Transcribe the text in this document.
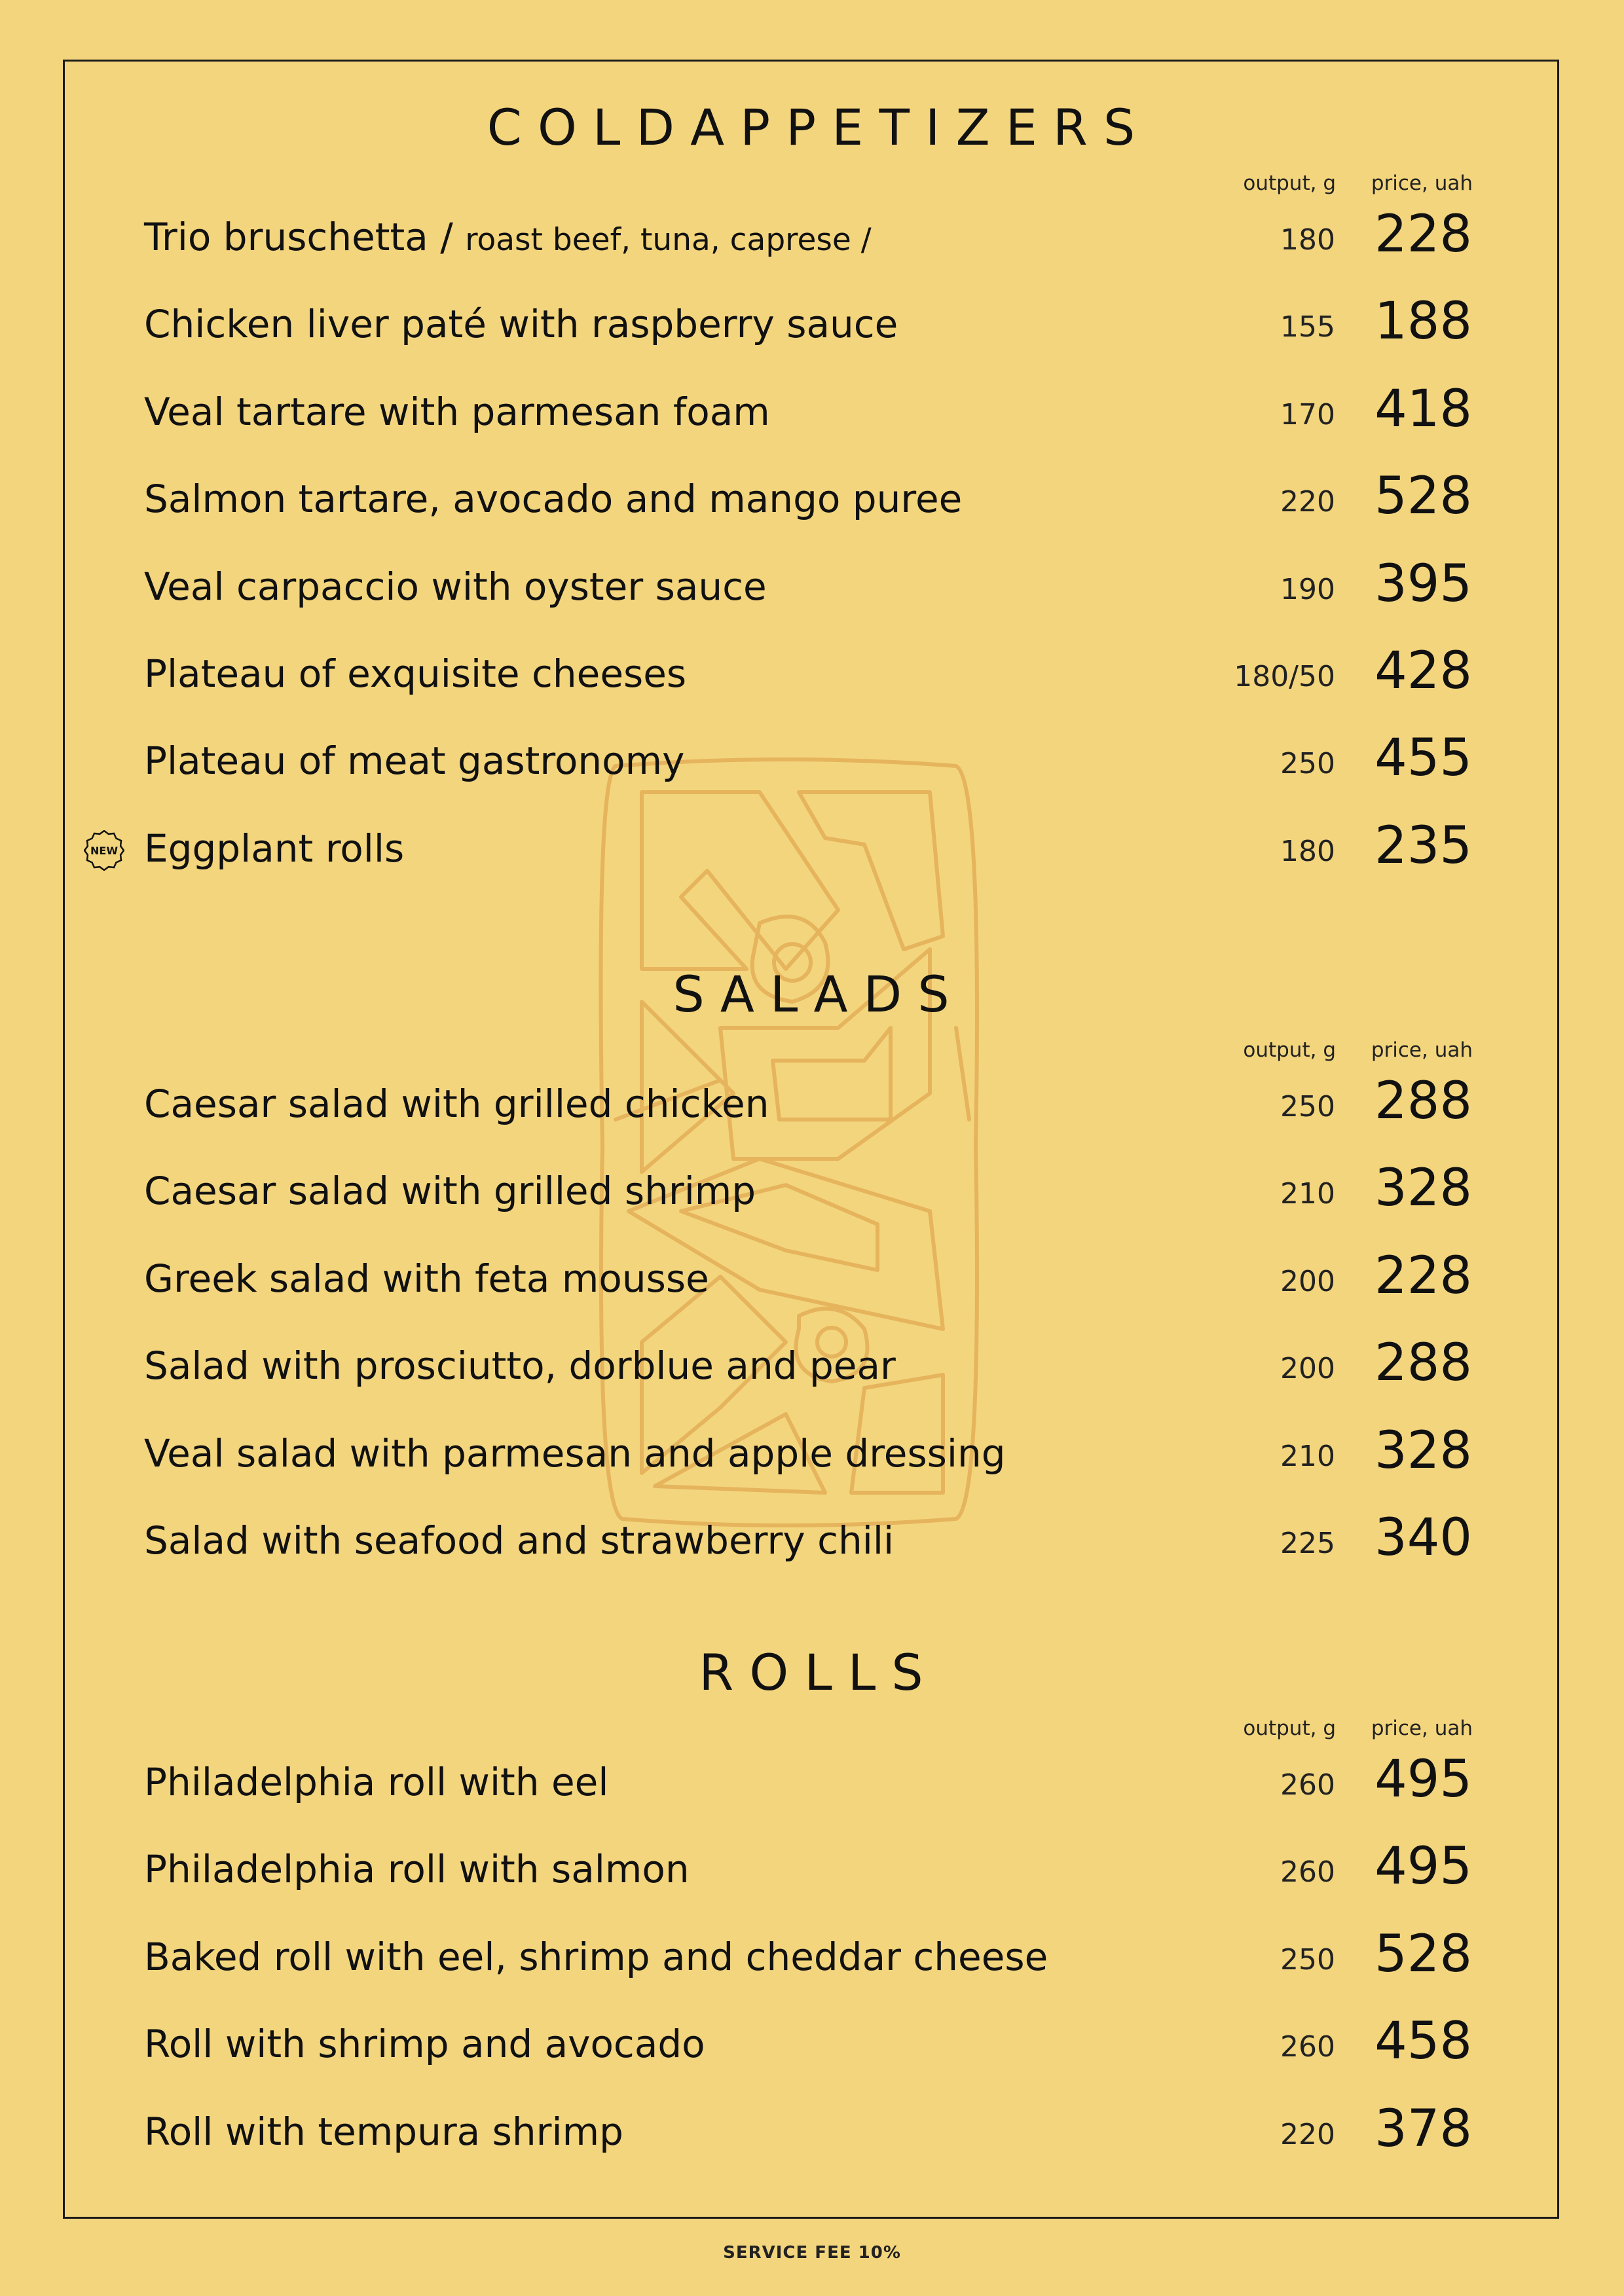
C O L D A P P E T I Z E R S
output, g price, uah
Trio bruschetta / roast beef, tuna, caprese /	180 228
Chicken liver paté with raspberry sauce	155 188
Veal tartare with parmesan foam	170 418
Salmon tartare, avocado and mango puree	220 528
Veal carpaccio with oyster sauce	190 395
Plateau of exquisite cheeses	180/50 428
Plateau of meat gastronomy	250 455
NEW Eggplant rolls	180 235
S A L A D S
output, g price, uah
Caesar salad with grilled chicken	250 288
Caesar salad with grilled shrimp	210 328
Greek salad with feta mousse	200 228
Salad with prosciutto, dorblue and pear	200 288
Veal salad with parmesan and apple dressing	210 328
Salad with seafood and strawberry chili	225 340
R O L L S
output, g price, uah
Philadelphia roll with eel	260 495
Philadelphia roll with salmon	260 495
Baked roll with eel, shrimp and cheddar cheese	250 528
Roll with shrimp and avocado	260 458
Roll with tempura shrimp	220 378
SERVICE FEE 10%
